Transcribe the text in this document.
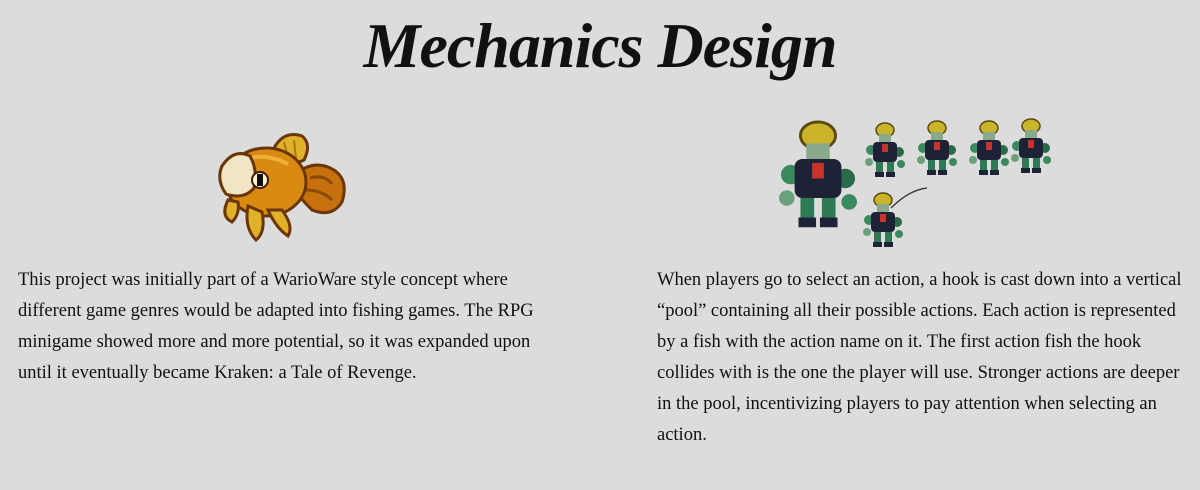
Mechanics Design

This project was initially part of a WarioWare style concept where different game genres would be adapted into fishing games. The RPG minigame showed more and more potential, so it was expanded upon until it eventually became Kraken: a Tale of Revenge.

When players go to select an action, a hook is cast down into a vertical “pool” containing all their possible actions. Each action is represented by a fish with the action name on it. The first action fish the hook collides with is the one the player will use. Stronger actions are deeper in the pool, incentivizing players to pay attention when selecting an action.
